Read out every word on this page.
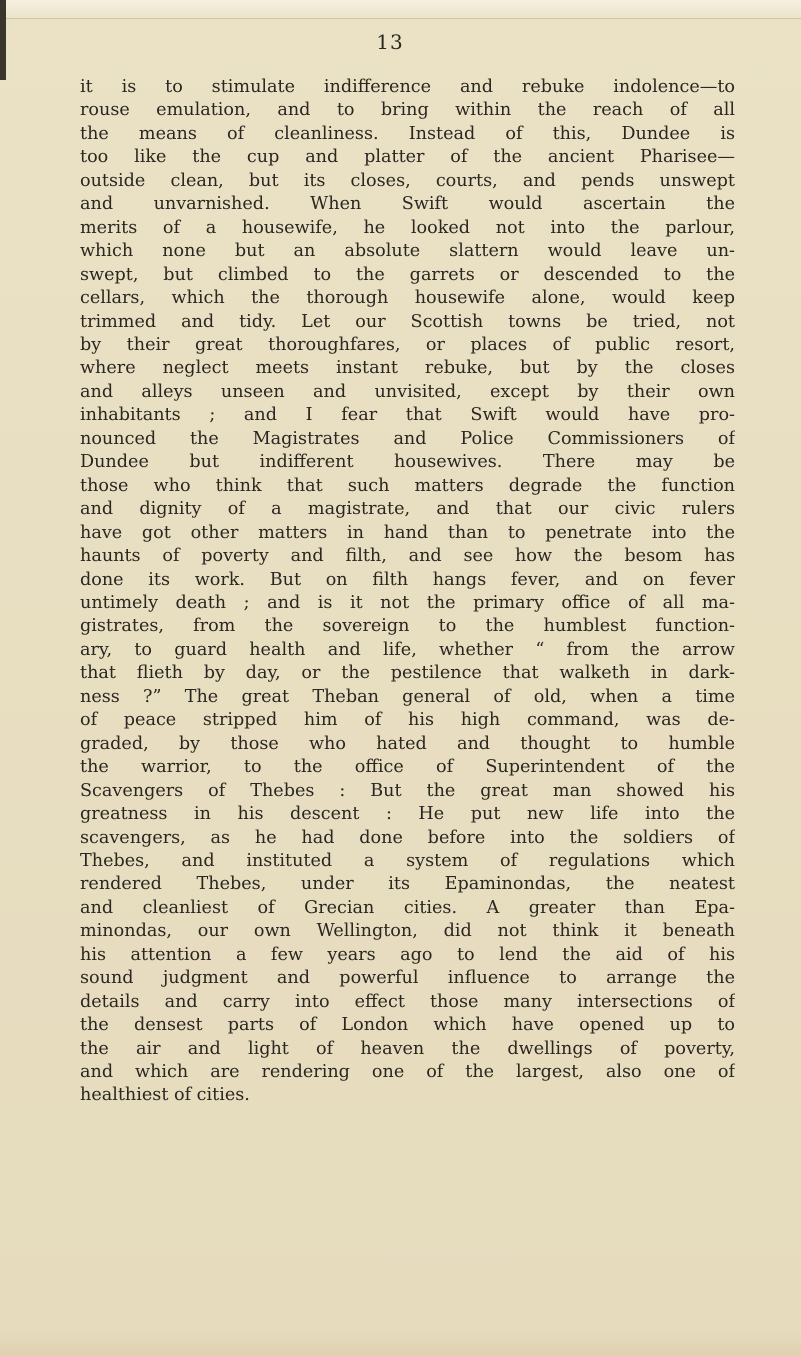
13
it is to stimulate indifference and rebuke indolence—to
rouse emulation, and to bring within the reach of all
the means of cleanliness. Instead of this, Dundee is
too like the cup and platter of the ancient Pharisee—
outside clean, but its closes, courts, and pends unswept
and unvarnished. When Swift would ascertain the
merits of a housewife, he looked not into the parlour,
which none but an absolute slattern would leave un-
swept, but climbed to the garrets or descended to the
cellars, which the thorough housewife alone, would keep
trimmed and tidy. Let our Scottish towns be tried, not
by their great thoroughfares, or places of public resort,
where neglect meets instant rebuke, but by the closes
and alleys unseen and unvisited, except by their own
inhabitants ; and I fear that Swift would have pro-
nounced the Magistrates and Police Commissioners of
Dundee but indifferent housewives. There may be
those who think that such matters degrade the function
and dignity of a magistrate, and that our civic rulers
have got other matters in hand than to penetrate into the
haunts of poverty and filth, and see how the besom has
done its work. But on filth hangs fever, and on fever
untimely death ; and is it not the primary office of all ma-
gistrates, from the sovereign to the humblest function-
ary, to guard health and life, whether “ from the arrow
that flieth by day, or the pestilence that walketh in dark-
ness ?” The great Theban general of old, when a time
of peace stripped him of his high command, was de-
graded, by those who hated and thought to humble
the warrior, to the office of Superintendent of the
Scavengers of Thebes : But the great man showed his
greatness in his descent : He put new life into the
scavengers, as he had done before into the soldiers of
Thebes, and instituted a system of regulations which
rendered Thebes, under its Epaminondas, the neatest
and cleanliest of Grecian cities. A greater than Epa-
minondas, our own Wellington, did not think it beneath
his attention a few years ago to lend the aid of his
sound judgment and powerful influence to arrange the
details and carry into effect those many intersections of
the densest parts of London which have opened up to
the air and light of heaven the dwellings of poverty,
and which are rendering one of the largest, also one of
healthiest of cities.
